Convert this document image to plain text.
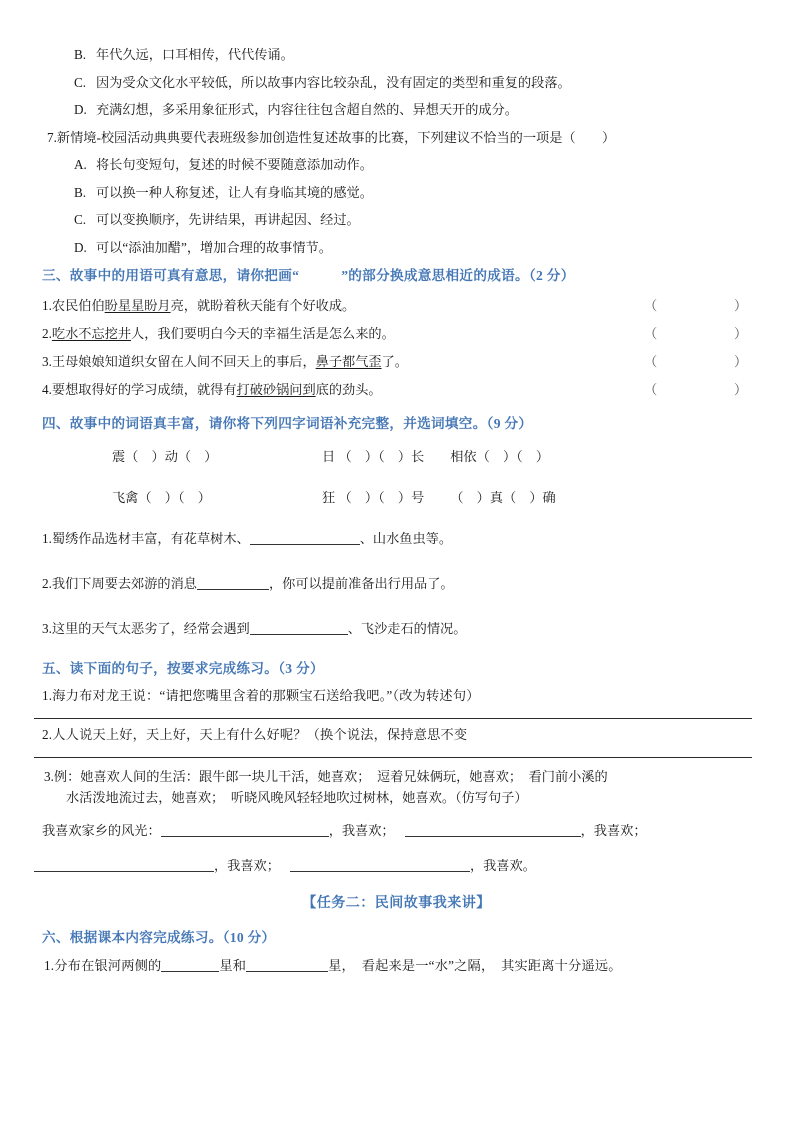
B. 年代久远，口耳相传，代代传诵。
C. 因为受众文化水平较低，所以故事内容比较杂乱，没有固定的类型和重复的段落。
D. 充满幻想，多采用象征形式，内容往往包含超自然的、异想天开的成分。
7.新情境-校园活动典典要代表班级参加创造性复述故事的比赛，下列建议不恰当的一项是（　　）
A. 将长句变短句，复述的时候不要随意添加动作。
B. 可以换一种人称复述，让人有身临其境的感觉。
C. 可以变换顺序，先讲结果，再讲起因、经过。
D. 可以“添油加醋”，增加合理的故事情节。
三、故事中的用语可真有意思，请你把画“	”的部分换成意思相近的成语。（2 分）
1.农民伯伯盼星星盼月亮，就盼着秋天能有个好收成。	（	）
2.吃水不忘挖井人，我们要明白今天的幸福生活是怎么来的。	（	）
3.王母娘娘知道织女留在人间不回天上的事后，鼻子都气歪了。	（	）
4.要想取得好的学习成绩，就得有打破砂锅问到底的劲头。	（	）
四、故事中的词语真丰富，请你将下列四字词语补充完整，并选词填空。（9 分）
震（　）动（　）	日 （　）（　）长 相依（　）（　）
飞禽（　）（　）	狂 （　）（　）号 （　）真（　）确
1.蜀绣作品选材丰富，有花草树木、	、山水鱼虫等。
2.我们下周要去郊游的消息	，你可以提前准备出行用品了。
3.这里的天气太恶劣了，经常会遇到	、飞沙走石的情况。
五、读下面的句子，按要求完成练习。（3 分）
1.海力布对龙王说：“请把您嘴里含着的那颗宝石送给我吧。”（改为转述句）
2.人人说天上好，天上好，天上有什么好呢？（换个说法，保持意思不变
3.例：她喜欢人间的生活：跟牛郎一块儿干活，她喜欢；　逗着兄妹俩玩，她喜欢；　看门前小溪的
水活泼地流过去，她喜欢；　听晓风晚风轻轻地吹过树林，她喜欢。（仿写句子）
我喜欢家乡的风光：	，我喜欢；	，我喜欢；
，我喜欢；	，我喜欢。
【任务二：民间故事我来讲】
六、根据课本内容完成练习。（10 分）
1.分布在银河两侧的	星和	星，　看起来是一“水”之隔，　其实距离十分遥远。
